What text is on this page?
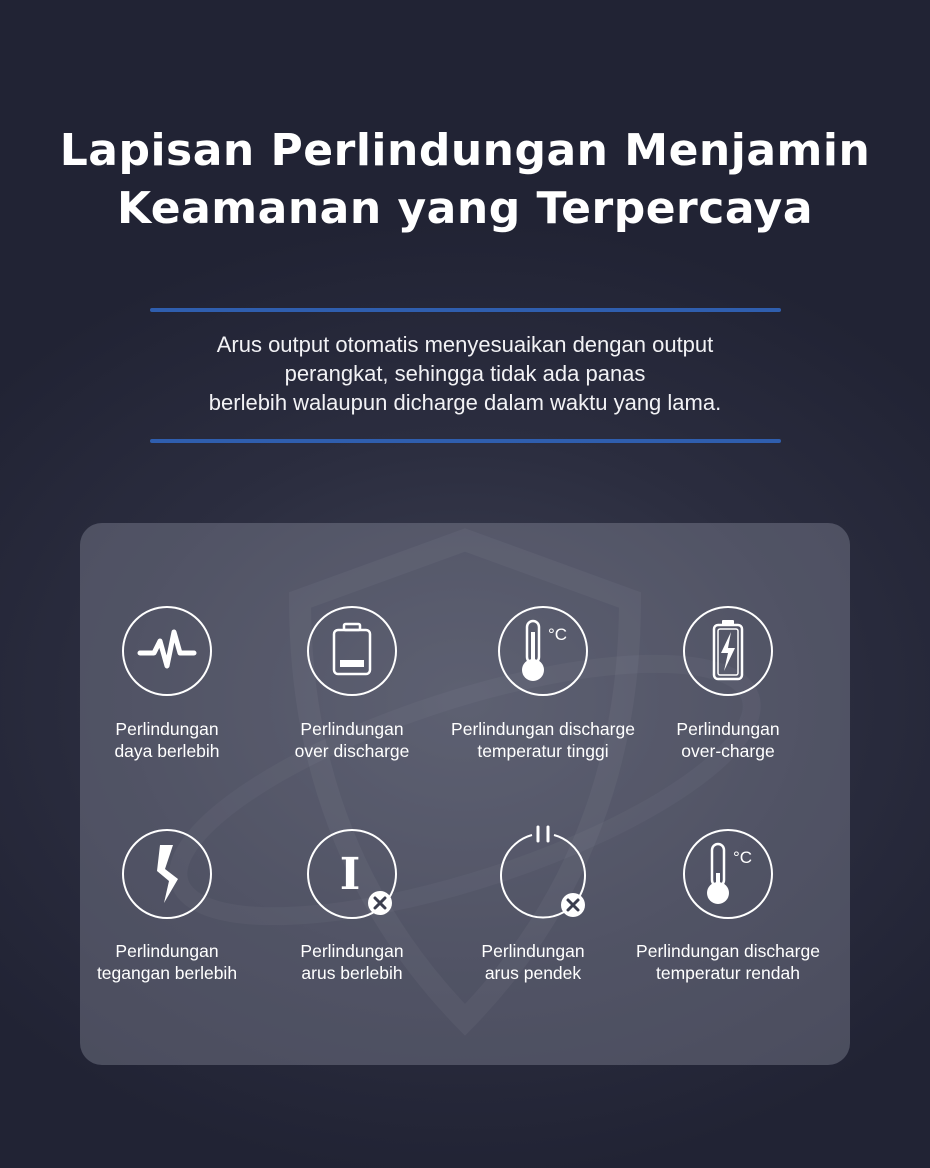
Lapisan Perlindungan Menjamin
Keamanan yang Terpercaya

Arus output otomatis menyesuaikan dengan output
perangkat, sehingga tidak ada panas
berlebih walaupun dicharge dalam waktu yang lama.

Perlindungan
daya berlebih
Perlindungan
over discharge
°C
Perlindungan discharge
temperatur tinggi
Perlindungan
over-charge
Perlindungan
tegangan berlebih
I
Perlindungan
arus berlebih
Perlindungan
arus pendek
°C
Perlindungan discharge
temperatur rendah
